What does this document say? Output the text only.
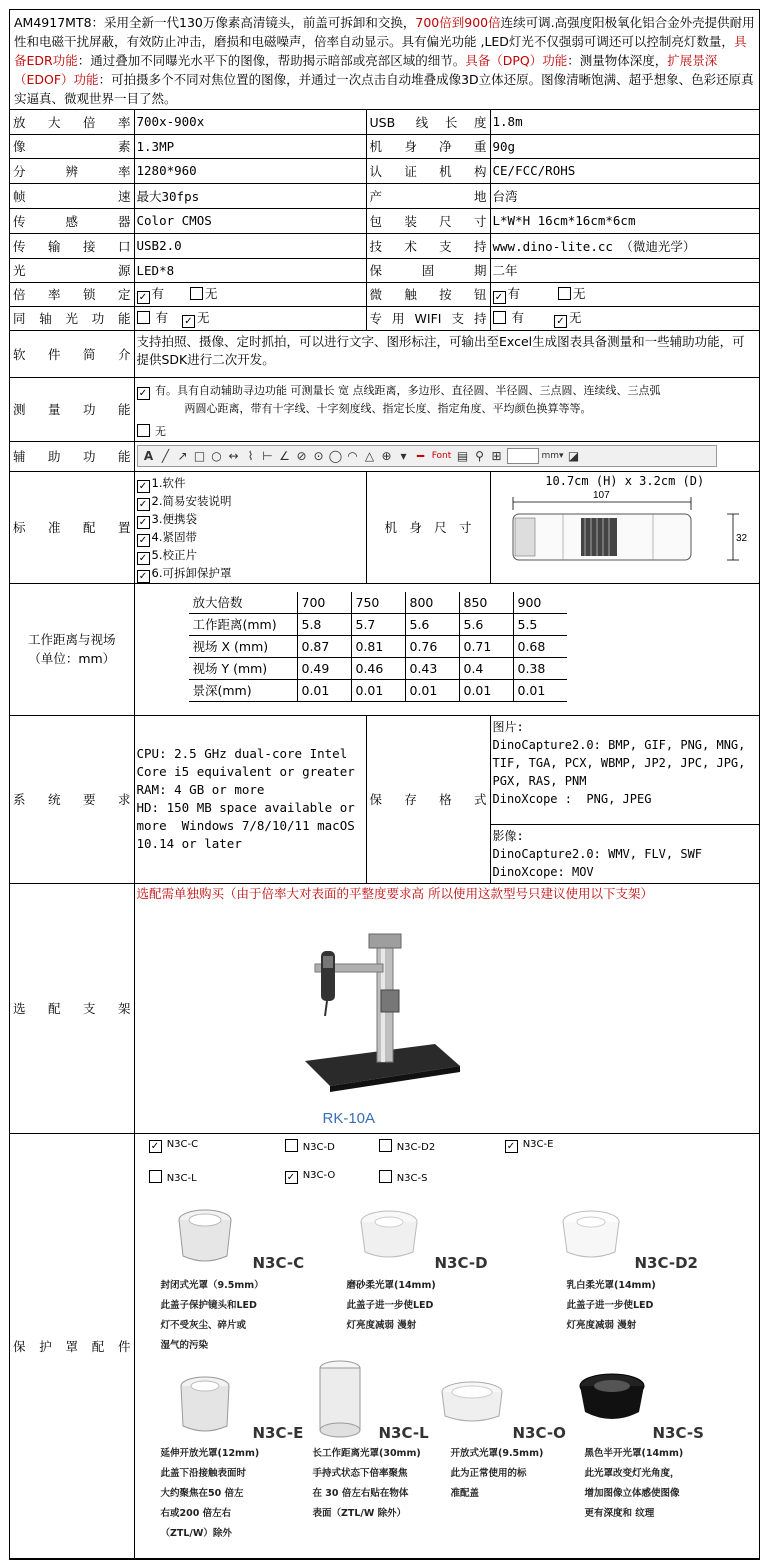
AM4917MT8：采用全新一代130万像素高清镜头，前盖可拆卸和交换，700倍到900倍连续可调.高强度阳极氧化铝合金外壳提供耐用性和电磁干扰屏蔽，有效防止冲击，磨损和电磁噪声，倍率自动显示。具有偏光功能 ,LED灯光不仅强弱可调还可以控制亮灯数量，具备EDR功能：通过叠加不同曝光水平下的图像，帮助揭示暗部或亮部区域的细节。具备（DPQ）功能：测量物体深度，扩展景深（EDOF）功能：可拍摄多个不同对焦位置的图像，并通过一次点击自动堆叠成像3D立体还原。图像清晰饱满、超乎想象、色彩还原真实逼真、微观世界一目了然。
放大倍率	700x-900x	USB 线长度	1.8m
像素	1.3MP	机身净重	90g
分辨率	1280*960	认证机构	CE/FCC/ROHS
帧速	最大30fps	产地	台湾
传感器	Color CMOS	包装尺寸	L*W*H 16cm*16cm*6cm
传输接口	USB2.0	技术支持	www.dino-lite.cc （微迪光学）
光源	LED*8	保固期	二年
倍率锁定	✓ 有	无	微触按钮	✓ 有	无
同轴光功能	有 ✓ 无	专用WIFI支持	有	✓ 无
软件简介	支持拍照、摄像、定时抓拍，可以进行文字、图形标注，可输出至Excel生成图表具备测量和一些辅助功能，可提供SDK进行二次开发。
测量功能	
✓ 有。具有自动辅助寻边功能 可测量长 宽 点线距离，多边形、直径圆、半径圆、三点圆、连续线、三点弧
两圆心距离，带有十字线、十字刻度线、指定长度、指定角度、平均颜色换算等等。
无

辅助功能	A ╱ ↗ □ ○ ↔ ⌇ ⊢ ∠ ⊘ ⊙ ◯ ◠ △ ⊕ ▾ ━ Font ▤ ⚲ ⊞	mm▾ ◪

标准配置	
✓ 1.软件
✓ 2.简易安装说明
✓ 3.便携袋
✓ 4.紧固带
✓ 5.校正片
✓ 6.可拆卸保护罩
	机身尺寸	
10.7cm (H) x 3.2cm (D)
107
32

工作距离与视场
（单位：mm）

放大倍数	700	750	800	850	900
工作距离(mm)	5.8	5.7	5.6	5.6	5.5
视场 X (mm)	0.87	0.81	0.76	0.71	0.68
视场 Y (mm)	0.49	0.46	0.43	0.4	0.38
景深(mm)	0.01	0.01	0.01	0.01	0.01

系统要求	CPU: 2.5 GHz dual-core Intel Core i5 equivalent or greater
RAM: 4 GB or more
HD: 150 MB space available or more  Windows 7/8/10/11 macOS 10.14 or later	保存格式	
图片:
DinoCapture2.0: BMP, GIF, PNG, MNG, TIF, TGA, PCX, WBMP, JP2, JPC, JPG, PGX, RAS, PNM
DinoXcope :  PNG, JPEG
影像:
DinoCapture2.0: WMV, FLV, SWF
DinoXcope: MOV

选配支架	
选配需单独购买（由于倍率大对表面的平整度要求高 所以使用这款型号只建议使用以下支架）
RK-10A

保护罩配件	
✓ N3C-C	N3C-D	N3C-D2	✓ N3C-E
N3C-L	✓ N3C-O	N3C-S
N3C-C
封闭式光罩（9.5mm）
此盖子保护镜头和LED
灯不受灰尘、碎片或
湿气的污染
N3C-D
磨砂柔光罩(14mm)
此盖子进一步使LED
灯亮度减弱 漫射
N3C-D2
乳白柔光罩(14mm)
此盖子进一步使LED
灯亮度减弱 漫射
N3C-E
延伸开放光罩(12mm)
此盖下沿接触表面时
大约聚焦在50 倍左
右或200 倍左右
（ZTL/W）除外
N3C-L
长工作距离光罩(30mm)
手持式状态下倍率聚焦
在 30 倍左右贴在物体
表面（ZTL/W 除外）
N3C-O
开放式光罩(9.5mm)
此为正常使用的标
准配盖
N3C-S
黑色半开光罩(14mm)
此光罩改变灯光角度，
增加图像立体感使图像
更有深度和 纹理
